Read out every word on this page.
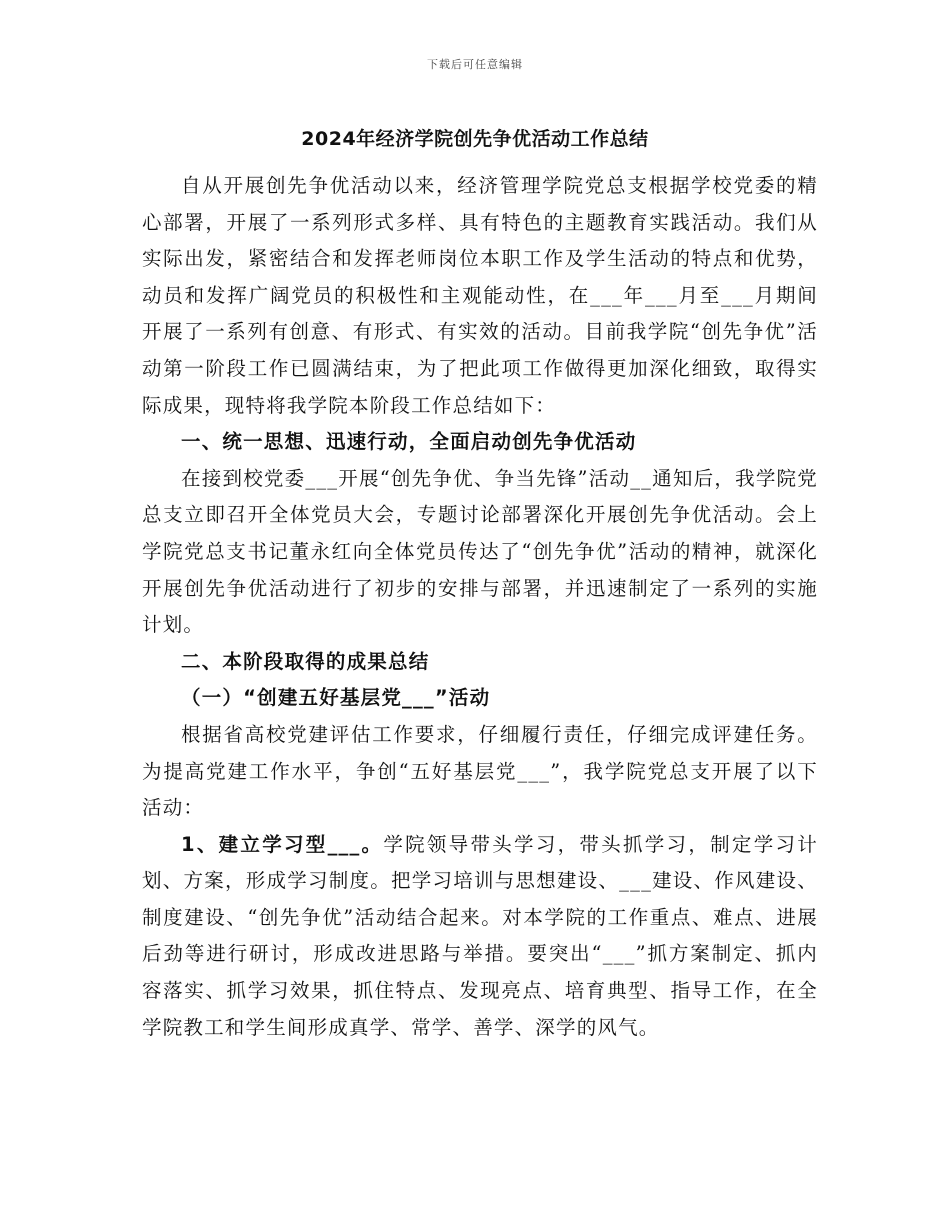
下载后可任意编辑
2024年经济学院创先争优活动工作总结

自从开展创先争优活动以来，经济管理学院党总支根据学校党委的精心部署，开展了一系列形式多样、具有特色的主题教育实践活动。我们从实际出发，紧密结合和发挥老师岗位本职工作及学生活动的特点和优势，动员和发挥广阔党员的积极性和主观能动性，在___年___月至___月期间开展了一系列有创意、有形式、有实效的活动。目前我学院“创先争优”活动第一阶段工作已圆满结束，为了把此项工作做得更加深化细致，取得实际成果，现特将我学院本阶段工作总结如下：

一、统一思想、迅速行动，全面启动创先争优活动

在接到校党委___开展“创先争优、争当先锋”活动__通知后，我学院党总支立即召开全体党员大会，专题讨论部署深化开展创先争优活动。会上学院党总支书记董永红向全体党员传达了“创先争优”活动的精神，就深化开展创先争优活动进行了初步的安排与部署，并迅速制定了一系列的实施计划。

二、本阶段取得的成果总结

（一）“创建五好基层党___”活动

根据省高校党建评估工作要求，仔细履行责任，仔细完成评建任务。为提高党建工作水平，争创“五好基层党___”，我学院党总支开展了以下活动：

1、建立学习型___。学院领导带头学习，带头抓学习，制定学习计划、方案，形成学习制度。把学习培训与思想建设、___建设、作风建设、制度建设、“创先争优”活动结合起来。对本学院的工作重点、难点、进展后劲等进行研讨，形成改进思路与举措。要突出“___”抓方案制定、抓内容落实、抓学习效果，抓住特点、发现亮点、培育典型、指导工作，在全学院教工和学生间形成真学、常学、善学、深学的风气。
